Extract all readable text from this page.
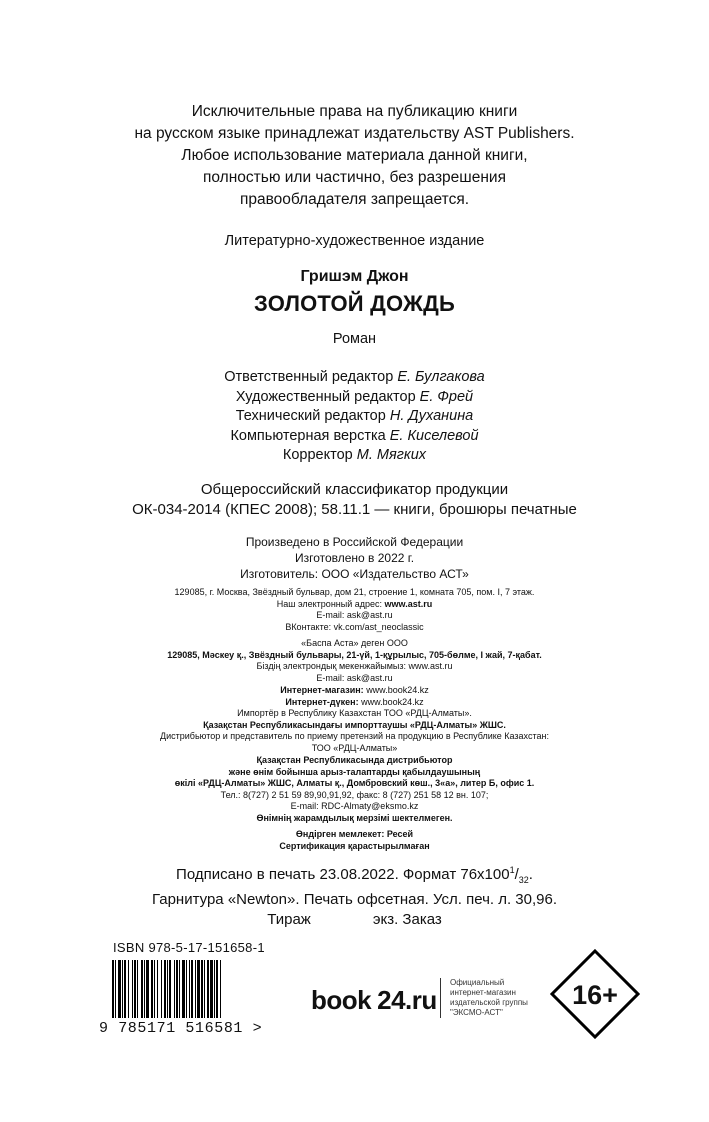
Исключительные права на публикацию книги
на русском языке принадлежат издательству AST Publishers.
Любое использование материала данной книги,
полностью или частично, без разрешения
правообладателя запрещается.
Литературно-художественное издание
Гришэм Джон
ЗОЛОТОЙ ДОЖДЬ
Роман
Ответственный редактор Е. Булгакова
Художественный редактор Е. Фрей
Технический редактор Н. Духанина
Компьютерная верстка Е. Киселевой
Корректор М. Мягких
Общероссийский классификатор продукции
ОК-034-2014 (КПЕС 2008); 58.11.1 — книги, брошюры печатные
Произведено в Российской Федерации
Изготовлено в 2022 г.
Изготовитель: ООО «Издательство АСТ»
129085, г. Москва, Звёздный бульвар, дом 21, строение 1, комната 705, пом. I, 7 этаж.
Наш электронный адрес: www.ast.ru
E-mail: ask@ast.ru
ВКонтакте: vk.com/ast_neoclassic
«Баспа Аста» деген ООО
129085, Мәскеу қ., Звёздный бульвары, 21-үй, 1-құрылыс, 705-бөлме, I жай, 7-қабат.
Біздің электрондық мекенжайымыз: www.ast.ru
E-mail: ask@ast.ru
Интернет-магазин: www.book24.kz
Интернет-дүкен: www.book24.kz
Импортёр в Республику Казахстан ТОО «РДЦ-Алматы».
Қазақстан Республикасындағы импорттаушы «РДЦ-Алматы» ЖШС.
Дистрибьютор и представитель по приему претензий на продукцию в Республике Казахстан:
ТОО «РДЦ-Алматы»
Қазақстан Республикасында дистрибьютор
және өнім бойынша арыз-талаптарды қабылдаушының
өкілі «РДЦ-Алматы» ЖШС, Алматы қ., Домбровский көш., 3«а», литер Б, офис 1.
Тел.: 8(727) 2 51 59 89,90,91,92, факс: 8 (727) 251 58 12 вн. 107;
E-mail: RDC-Almaty@eksmo.kz
Өнімнің жарамдылық мерзімі шектелмеген.
Өндірген мемлекет: Ресей
Сертификация қарастырылмаған
Подписано в печать 23.08.2022. Формат $76x100^1/_{32}$.
Гарнитура «Newton». Печать офсетная. Усл. печ. л. 30,96.
Тираж	экз. Заказ
ISBN 978-5-17-151658-1
9 785171 516581 >
book 24.ru
Официальный
интернет-магазин
издательской группы
"ЭКСМО-АСТ"
16+
